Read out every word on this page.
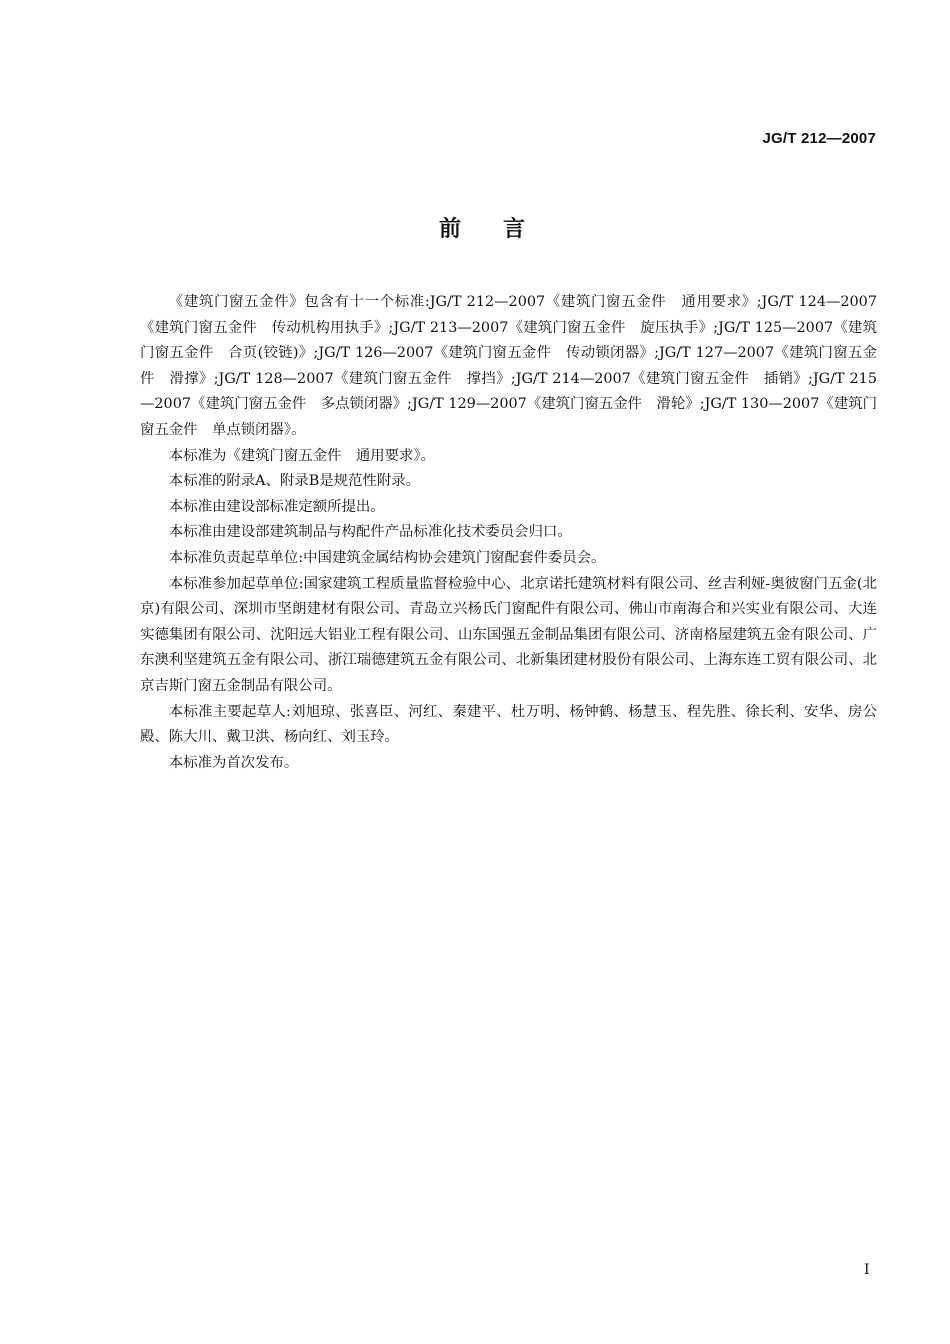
JG/T 212—2007
前言

《建筑门窗五金件》包含有十一个标准:JG/T 212—2007《建筑门窗五金件　通用要求》;JG/T 124—2007《建筑门窗五金件　传动机构用执手》;JG/T 213—2007《建筑门窗五金件　旋压执手》;JG/T 125—2007《建筑门窗五金件　合页(铰链)》;JG/T 126—2007《建筑门窗五金件　传动锁闭器》;JG/T 127—2007《建筑门窗五金件　滑撑》;JG/T 128—2007《建筑门窗五金件　撑挡》;JG/T 214—2007《建筑门窗五金件　插销》;JG/T 215—2007《建筑门窗五金件　多点锁闭器》;JG/T 129—2007《建筑门窗五金件　滑轮》;JG/T 130—2007《建筑门窗五金件　单点锁闭器》。

本标准为《建筑门窗五金件　通用要求》。

本标准的附录A、附录B是规范性附录。

本标准由建设部标准定额所提出。

本标准由建设部建筑制品与构配件产品标准化技术委员会归口。

本标准负责起草单位:中国建筑金属结构协会建筑门窗配套件委员会。

本标准参加起草单位:国家建筑工程质量监督检验中心、北京诺托建筑材料有限公司、丝吉利娅-奥彼窗门五金(北京)有限公司、深圳市坚朗建材有限公司、青岛立兴杨氏门窗配件有限公司、佛山市南海合和兴实业有限公司、大连实德集团有限公司、沈阳远大铝业工程有限公司、山东国强五金制品集团有限公司、济南格屋建筑五金有限公司、广东澳利坚建筑五金有限公司、浙江瑞德建筑五金有限公司、北新集团建材股份有限公司、上海东连工贸有限公司、北京吉斯门窗五金制品有限公司。

本标准主要起草人:刘旭琼、张喜臣、河红、秦建平、杜万明、杨钟鹤、杨慧玉、程先胜、徐长利、安华、房公殿、陈大川、戴卫洪、杨向红、刘玉玲。

本标准为首次发布。

I
